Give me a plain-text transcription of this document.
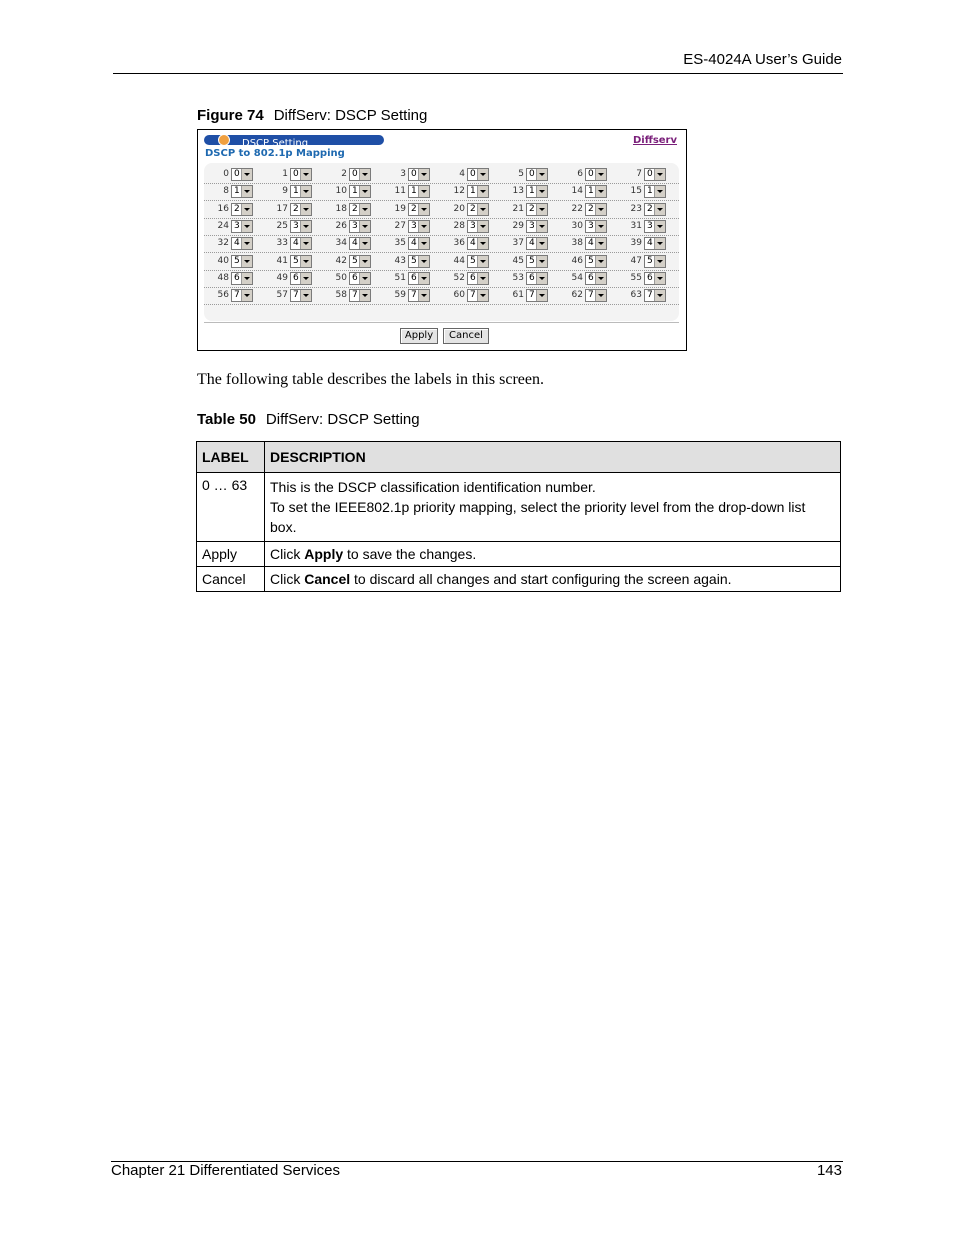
ES-4024A User’s Guide
Figure 74 DiffServ: DSCP Setting
DSCP Setting	Diffserv
DSCP to 802.1p Mapping
0 0	1 0	2 0	3 0	4 0	5 0	6 0	7 0
8 1	9 1	10 1	11 1	12 1	13 1	14 1	15 1
16 2	17 2	18 2	19 2	20 2	21 2	22 2	23 2
24 3	25 3	26 3	27 3	28 3	29 3	30 3	31 3
32 4	33 4	34 4	35 4	36 4	37 4	38 4	39 4
40 5	41 5	42 5	43 5	44 5	45 5	46 5	47 5
48 6	49 6	50 6	51 6	52 6	53 6	54 6	55 6
56 7	57 7	58 7	59 7	60 7	61 7	62 7	63 7
Apply	Cancel
The following table describes the labels in this screen.
Table 50 DiffServ: DSCP Setting
LABEL	DESCRIPTION
0 … 63	This is the DSCP classification identification number.
To set the IEEE802.1p priority mapping, select the priority level from the drop-down list box.

Apply	Click Apply to save the changes.
Cancel	Click Cancel to discard all changes and start configuring the screen again.
Chapter 21 Differentiated Services	143
